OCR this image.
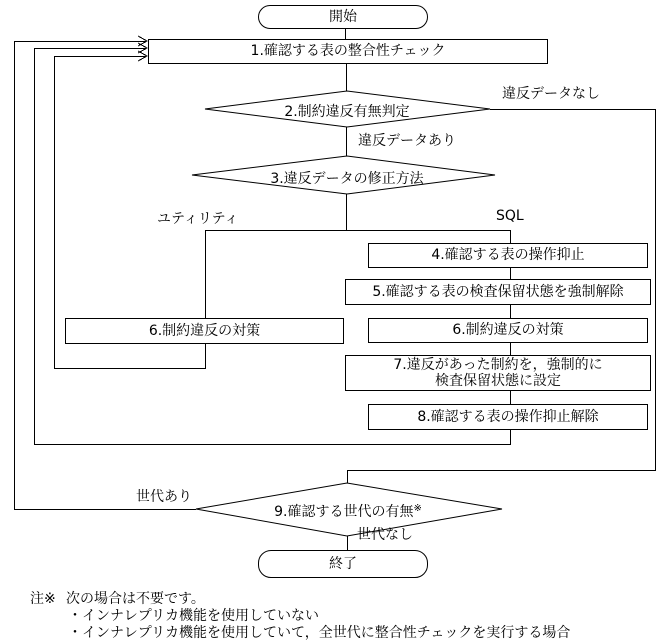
開始
1.確認する表の整合性チェック
4.確認する表の操作抑止
5.確認する表の検査保留状態を強制解除
6.制約違反の対策	6.制約違反の対策
7.違反があった制約を，強制的に
検査保留状態に設定
8.確認する表の操作抑止解除
終了
2.制約違反有無判定
3.違反データの修正方法
9.確認する世代の有無※
違反データなし
違反データあり
ユティリティ	SQL
世代あり
世代なし
注※ 次の場合は不要です。
・インナレプリカ機能を使用していない
・インナレプリカ機能を使用していて，全世代に整合性チェックを実行する場合
